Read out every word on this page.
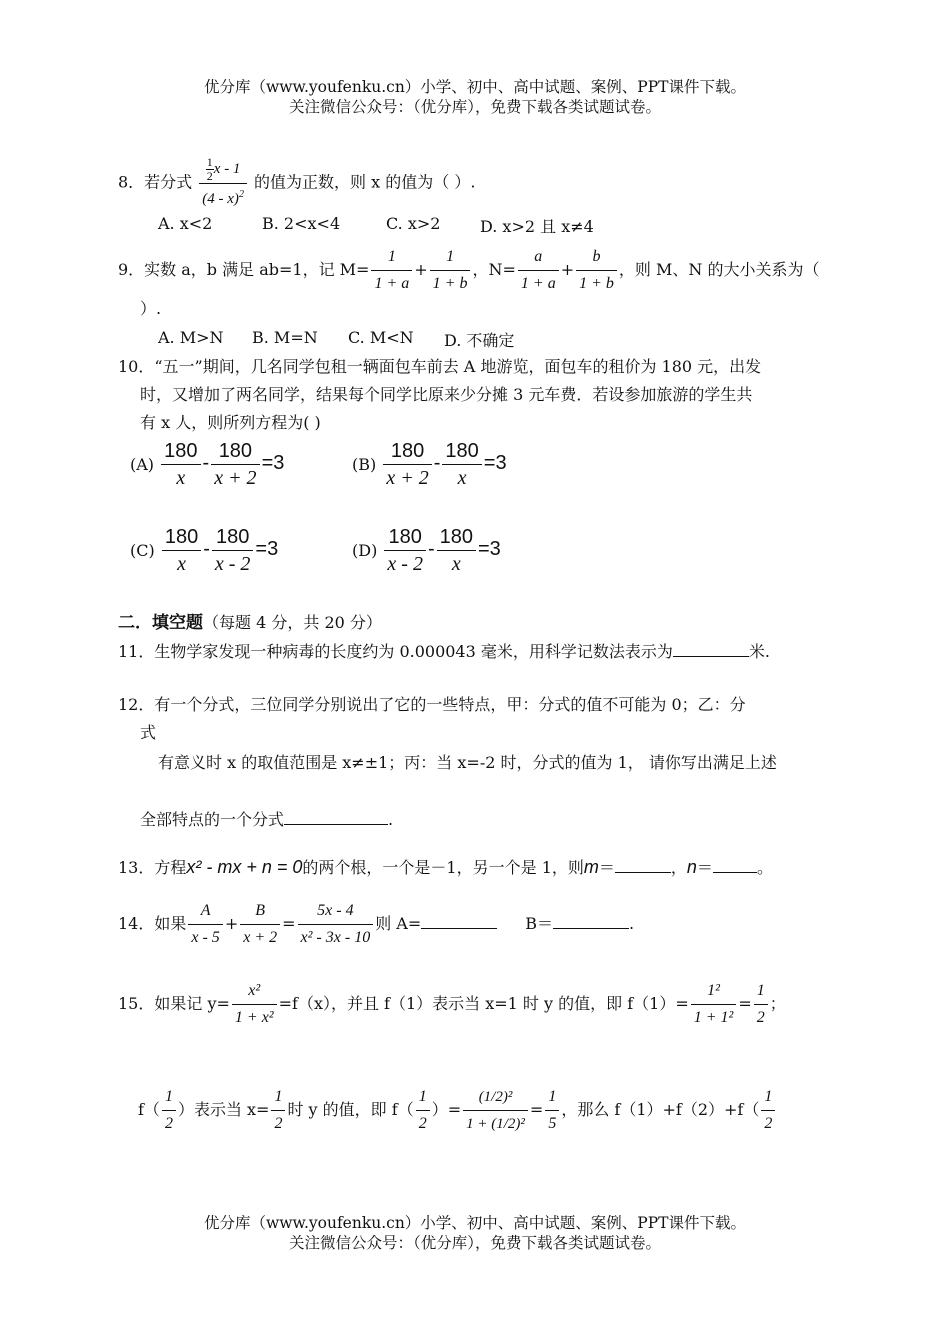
优分库（www.youfenku.cn）小学、初中、高中试题、案例、PPT课件下载。
关注微信公众号：（优分库），免费下载各类试题试卷。
8．若分式 $\frac{\frac{1}{2} x - 1}{(4 - x)^2}$ 的值为正数，则 x 的值为（ ）.
A. x<2	B. 2<x<4	C. x>2 D. x>2 且 x≠4
9．实数 a，b 满足 ab=1，记 $M= \frac{1}{1 + a} + \frac{1}{1 + b}$ ，$N= \frac{a}{1 + a} + \frac{b}{1 + b}$ ，则 M、N 的大小关系为（
）.
A. M>N B. M=N C. M<N D. 不确定
10．“五一”期间，几名同学包租一辆面包车前去 A 地游览，面包车的租价为 180 元，出发
时，又增加了两名同学，结果每个同学比原来少分摊 3 元车费．若设参加旅游的学生共
有 x 人，则所列方程为( )
$(A) \frac{180}{x} - \frac{180}{x + 2} =3$	$(B) \frac{180}{x + 2} - \frac{180}{x} =3$
$(C) \frac{180}{x} - \frac{180}{x - 2} =3$	$(D) \frac{180}{x - 2} - \frac{180}{x} =3$
二．填空题（每题 4 分，共 20 分）
11．生物学家发现一种病毒的长度约为 0.000043 毫米，用科学记数法表示为	米.
12．有一个分式，三位同学分别说出了它的一些特点，甲：分式的值不可能为 0；乙：分
式
有意义时 x 的取值范围是 x≠±1；丙：当 x=-2 时，分式的值为 1， 请你写出满足上述
全部特点的一个分式	.
13．方程x² - mx + n = 0的两个根，一个是－1，另一个是 1，则m＝	，n＝	。
14．如果 $\frac{A}{x - 5} + \frac{B}{x + 2} = \frac{5x - 4}{\text{x² - 3x - 10}}$ 则 A=	B＝	.
15．如果记 $y= \frac{\text{x²}}{\text{1 + x²}} =f(x)$，并且 f（1）表示当 x=1 时 y 的值，即 $f(1)= \frac{\text{1²}}{\text{1 + 1²}} = \frac{1}{2}$ ；
$f( \frac{1}{2}$ ）表示当 $x= \frac{1}{2}$ 时 y 的值，即 $f( \frac{1}{2}$ ）= $\frac{\text{(1/2)²}}{\text{1 + (1/2)²}} = \frac{1}{5}$ ，那么 $f(1)+f(2)+f( \frac{1}{2}$
优分库（www.youfenku.cn）小学、初中、高中试题、案例、PPT课件下载。
关注微信公众号：（优分库），免费下载各类试题试卷。
